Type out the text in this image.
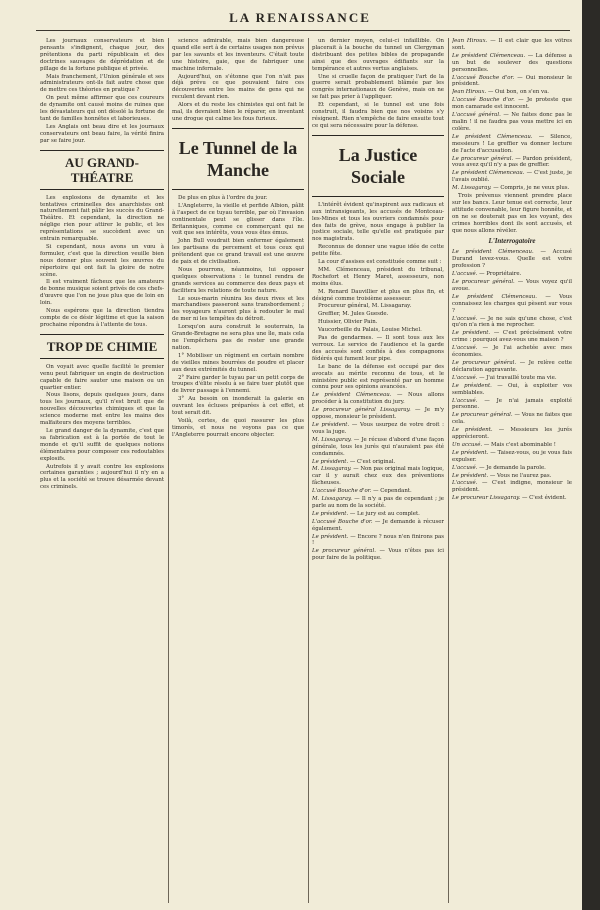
LA RENAISSANCE

Les journaux conservateurs et bien pensants s'indignent, chaque jour, des prétentions du parti républicain et des doctrines sauvages de déprédation et de pillage de la fortune publique et privée.

Mais franchement, l'Union générale et ses administrateurs ont-ils fait autre chose que de mettre ces théories en pratique ?

On peut même affirmer que ces coureurs de dynamite ont causé moins de ruines que les dévastateurs qui ont désolé la fortune de tant de familles honnêtes et laborieuses.

Les Anglais ont beau dire et les journaux conservateurs ont beau faire, la vérité finira par se faire jour.

AU GRAND-THÉATRE

Les explosions de dynamite et les tentatives criminelles des anarchistes ont naturellement fait pâlir les succès du Grand-Théâtre. Et cependant, la direction ne néglige rien pour attirer le public, et les représentations se succèdent avec un entrain remarquable.

Si cependant, nous avons un vœu à formuler, c'est que la direction veuille bien nous donner plus souvent les œuvres du répertoire qui ont fait la gloire de notre scène.

Il est vraiment fâcheux que les amateurs de bonne musique soient privés de ces chefs-d'œuvre que l'on ne joue plus que de loin en loin.

Nous espérons que la direction tiendra compte de ce désir légitime et que la saison prochaine répondra à l'attente de tous.

TROP DE CHIMIE

On voyait avec quelle facilité le premier venu peut fabriquer un engin de destruction capable de faire sauter une maison ou un quartier entier.

Nous lisons, depuis quelques jours, dans tous les journaux, qu'il n'est bruit que de nouvelles découvertes chimiques et que la science moderne met entre les mains des malfaiteurs des moyens terribles.

Le grand danger de la dynamite, c'est que sa fabrication est à la portée de tout le monde et qu'il suffit de quelques notions élémentaires pour composer ces redoutables explosifs.

Autrefois il y avait contre les explosions certaines garanties ; aujourd'hui il n'y en a plus et la société se trouve désarmée devant ces criminels.

science admirable, mais bien dangereuse quand elle sert à de certains usages non prévus par les savants et les inventeurs. C'était toute une histoire, gaie, que de fabriquer une machine infernale.

Aujourd'hui, on s'étonne que l'on n'ait pas déjà prévu ce que pouvaient faire ces découvertes entre les mains de gens qui ne reculent devant rien.

Alors et du reste les chimistes qui ont fait le mal, ils devraient bien le réparer, en inventant une drogue qui calme les fous furieux.

Le Tunnel de la Manche

De plus en plus à l'ordre du jour.

L'Angleterre, la vieille et perfide Albion, pâlit à l'aspect de ce tuyau terrible, par où l'invasion continentale peut se glisser dans l'île. Britanniques, comme ce commerçant qui ne voit que ses intérêts, vous vous êtes émus.

John Bull voudrait bien enfermer également les partisans du percement et tous ceux qui prétendent que ce grand travail est une œuvre de paix et de civilisation.

Nous pourrons, néanmoins, lui opposer quelques observations : le tunnel rendra de grands services au commerce des deux pays et facilitera les relations de toute nature.

Le sous-marin réunira les deux rives et les marchandises passeront sans transbordement ; les voyageurs n'auront plus à redouter le mal de mer ni les tempêtes du détroit.

Lorsqu'on aura construit le souterrain, la Grande-Bretagne ne sera plus une île, mais cela ne l'empêchera pas de rester une grande nation.

1° Mobiliser un régiment en certain nombre de vieilles mines bourrées de poudre et placer aux deux extrémités du tunnel.

2° Faire garder le tuyau par un petit corps de troupes d'élite résolu à se faire tuer plutôt que de livrer passage à l'ennemi.

3° Au besoin on inonderait la galerie en ouvrant les écluses préparées à cet effet, et tout serait dit.

Voilà, certes, de quoi rassurer les plus timorés, et nous ne voyons pas ce que l'Angleterre pourrait encore objecter.

un dernier moyen, celui-ci infaillible. On placerait à la bouche du tunnel un Clergyman distribuant des petites bibles de propagande ainsi que des ouvrages édifiants sur la tempérance et autres vertus anglaises.

Une si cruelle façon de pratiquer l'art de la guerre serait probablement blâmée par les congrès internationaux de Genève, mais on ne se fait pas prier à l'appliquer.

Et cependant, si le tunnel est une fois construit, il faudra bien que nos voisins s'y résignent. Rien n'empêche de faire ensuite tout ce qui sera nécessaire pour la défense.

La Justice Sociale

L'intérêt évident qu'inspirent aux radicaux et aux intransigeants, les accusés de Montceau-les-Mines et tous les ouvriers condamnés pour des faits de grève, nous engage à publier la justice sociale, telle qu'elle est pratiquée par nos magistrats.

Reconnus de donner une vague idée de cette petite fête.

La cour d'assises est constituée comme suit :

MM. Clémenceau, président du tribunal, Rochefort et Henry Maret, assesseurs, non moins élus.

M. Renard Dauvillier et plus en plus fin, et désigné comme troisième assesseur.

Procureur général, M. Lissagaray.

Greffier, M. Jules Guesde.

Huissier, Olivier Pain.

Vaucorbeille du Palais, Louise Michel.

Pas de gendarmes. — Il sont tous aux les verroux. Le service de l'audience et la garde des accusés sont confiés à des compagnons fédérés qui fument leur pipe.

Le banc de la défense est occupé par des avocats au mérite reconnu de tous, et le ministère public est représenté par un homme connu pour ses opinions avancées.

Le président Clémenceau. — Nous allons procéder à la constitution du jury.

Le procureur général Lissagaray. — Je m'y oppose, monsieur le président.

Le président. — Vous usurpez de votre droit : vous la juge.

M. Lissagaray. — Je récuse d'abord d'une façon générale, tous les jurés qui n'auraient pas été condamnés.

Le président. — C'est original.

M. Lissagaray. — Non pas original mais logique, car il y aurait chez eux des préventions fâcheuses.

L'accusé Bouche d'or. — Cependant.

M. Lissagaray. — Il n'y a pas de cependant ; je parle au nom de la société.

Le président. — Le jury est au complet.

L'accusé Bouche d'or. — Je demande à récuser également.

Le président. — Encore ? nous n'en finirons pas !

Le procureur général. — Vous n'êtes pas ici pour faire de la politique.

Jean Hiroux. — Il est clair que les vôtres sont.

Le président Clémenceau. — La défense a un but de soulever des questions personnelles.

L'accusé Bouche d'or. — Oui monsieur le président.

Jean Hiroux. — Oui bon, on s'en va.

L'accusé Bouche d'or. — Je proteste que mon camarade est innocent.

L'accusé général. — Ne faites donc pas le malin ! il ne faudra pas vous mettre ici en colère.

Le président Clémenceau. — Silence, messieurs ! Le greffier va donner lecture de l'acte d'accusation.

Le procureur général. — Pardon président, vous avez qu'il n'y a pas de greffier.

Le président Clémenceau. — C'est juste, je l'avais oublié.

M. Lissagaray. — Compris, je ne veux plus.

Trois prévenus viennent prendre place sur les bancs. Leur tenue est correcte, leur attitude convenable, leur figure honnête, et on ne se douterait pas en les voyant, des crimes horribles dont ils sont accusés, et que nous allons révéler.

L'Interrogatoire

Le président Clémenceau. — Accusé Durand levez-vous. Quelle est votre profession ?

L'accusé. — Propriétaire.

Le procureur général. — Vous voyez qu'il avoue.

Le président Clémenceau. — Vous connaissez les charges qui pèsent sur vous ?

L'accusé. — Je ne sais qu'une chose, c'est qu'on n'a rien à me reprocher.

Le président. — C'est précisément votre crime : pourquoi avez-vous une maison ?

L'accusé. — Je l'ai achetée avec mes économies.

Le procureur général. — Je relève cette déclaration aggravante.

L'accusé. — J'ai travaillé toute ma vie.

Le président. — Oui, à exploiter vos semblables.

L'accusé. — Je n'ai jamais exploité personne.

Le procureur général. — Vous ne faites que cela.

Le président. — Messieurs les jurés apprécieront.

Un accusé. — Mais c'est abominable !

Le président. — Taisez-vous, ou je vous fais expulser.

L'accusé. — Je demande la parole.

Le président. — Vous ne l'aurez pas.

L'accusé. — C'est indigne, monsieur le président.

Le procureur Lissagaray. — C'est évident.
